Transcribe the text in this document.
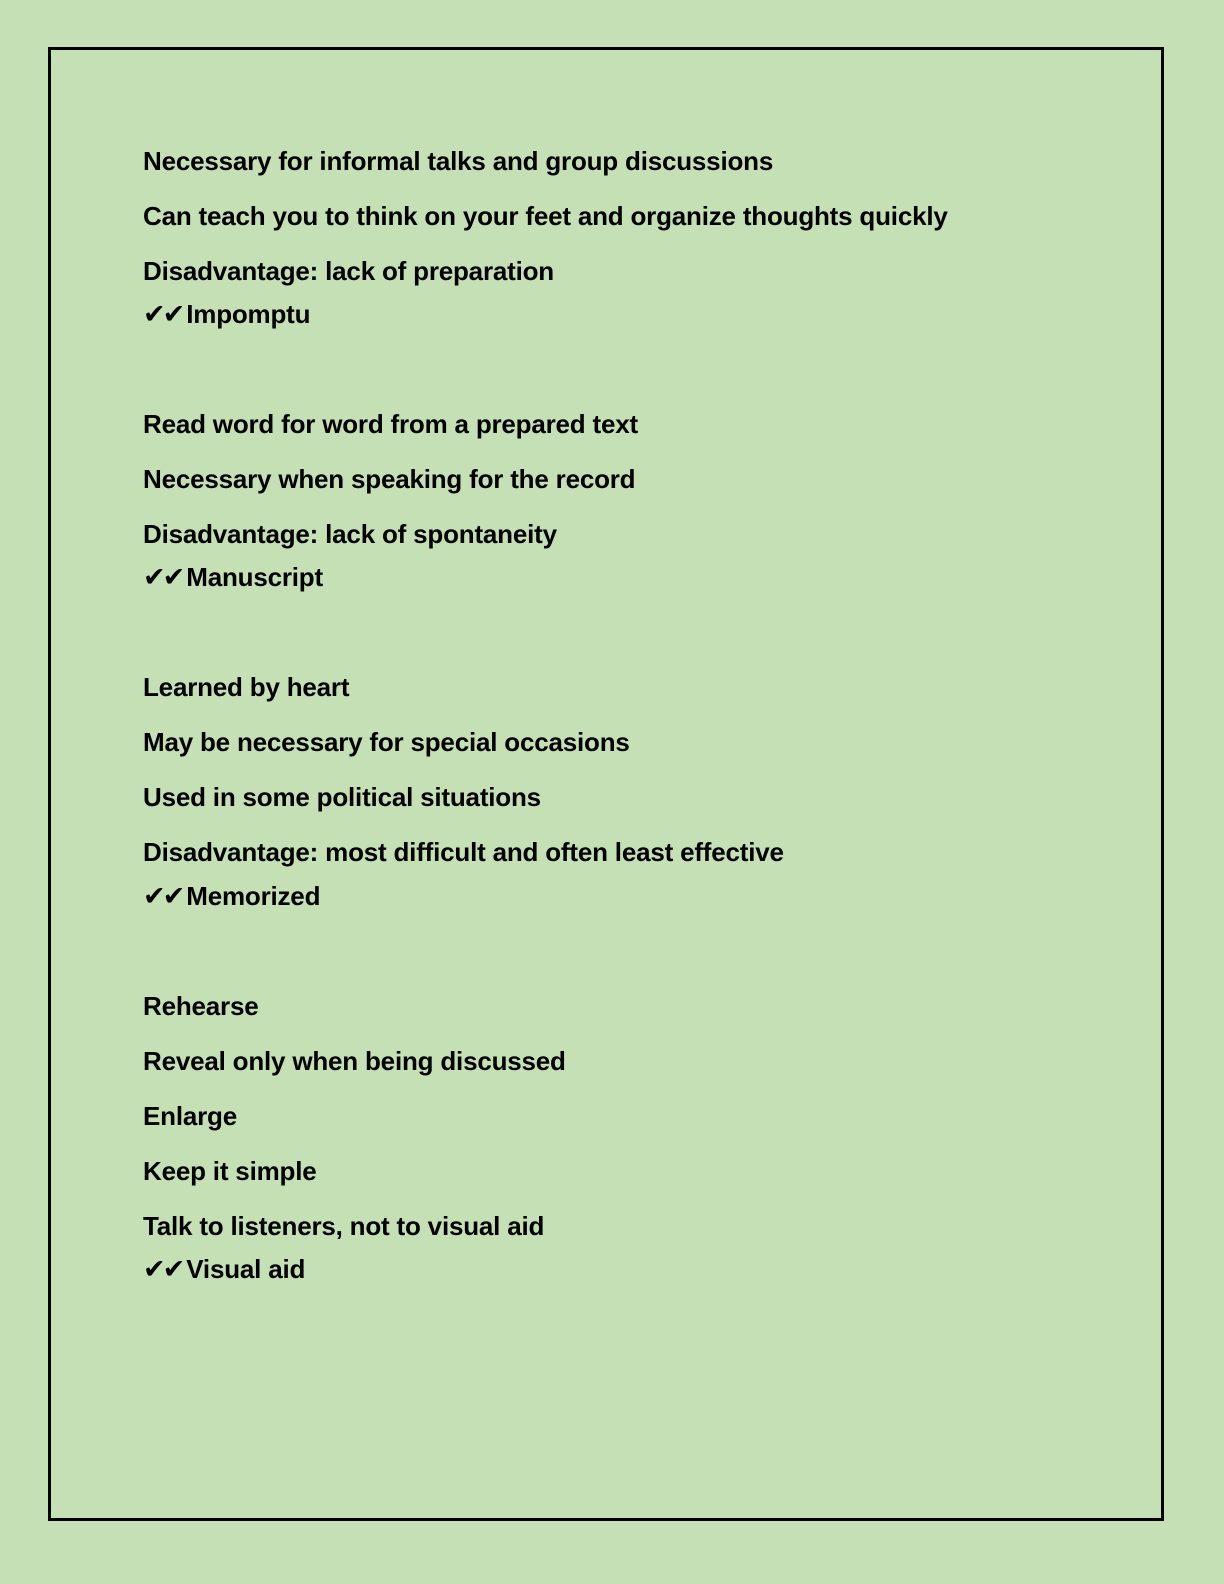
Necessary for informal talks and group discussions
Can teach you to think on your feet and organize thoughts quickly
Disadvantage: lack of preparation
✔✔ Impomptu
Read word for word from a prepared text
Necessary when speaking for the record
Disadvantage: lack of spontaneity
✔✔ Manuscript
Learned by heart
May be necessary for special occasions
Used in some political situations
Disadvantage: most difficult and often least effective
✔✔ Memorized
Rehearse
Reveal only when being discussed
Enlarge
Keep it simple
Talk to listeners, not to visual aid
✔✔ Visual aid
